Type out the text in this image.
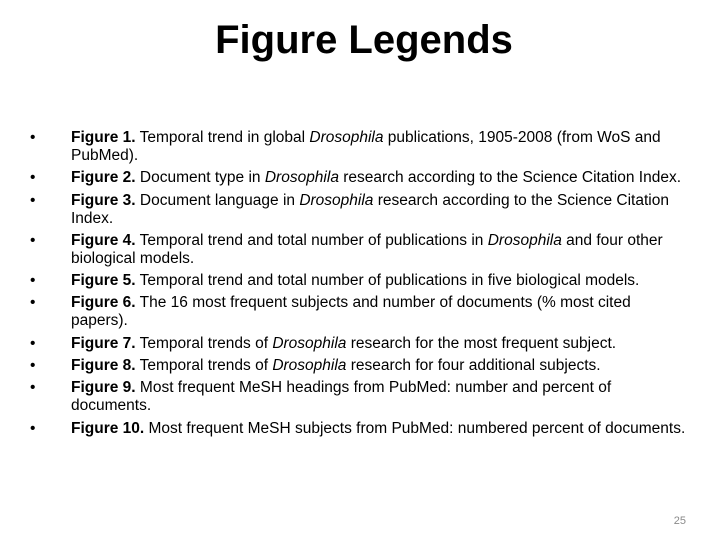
Figure Legends
•	Figure 1. Temporal trend in global Drosophila publications, 1905-2008 (from WoS and PubMed).
•	Figure 2. Document type in Drosophila research according to the Science Citation Index.
•	Figure 3. Document language in Drosophila research according to the Science Citation Index.
•	Figure 4. Temporal trend and total number of publications in Drosophila and four other biological models.
•	Figure 5. Temporal trend and total number of publications in five biological models.
•	Figure 6. The 16 most frequent subjects and number of documents (% most cited papers).
•	Figure 7. Temporal trends of Drosophila research for the most frequent subject.
•	Figure 8. Temporal trends of Drosophila research for four additional subjects.
•	Figure 9. Most frequent MeSH headings from PubMed: number and percent of documents.
•	Figure 10. Most frequent MeSH subjects from PubMed: numbered percent of documents.
25
